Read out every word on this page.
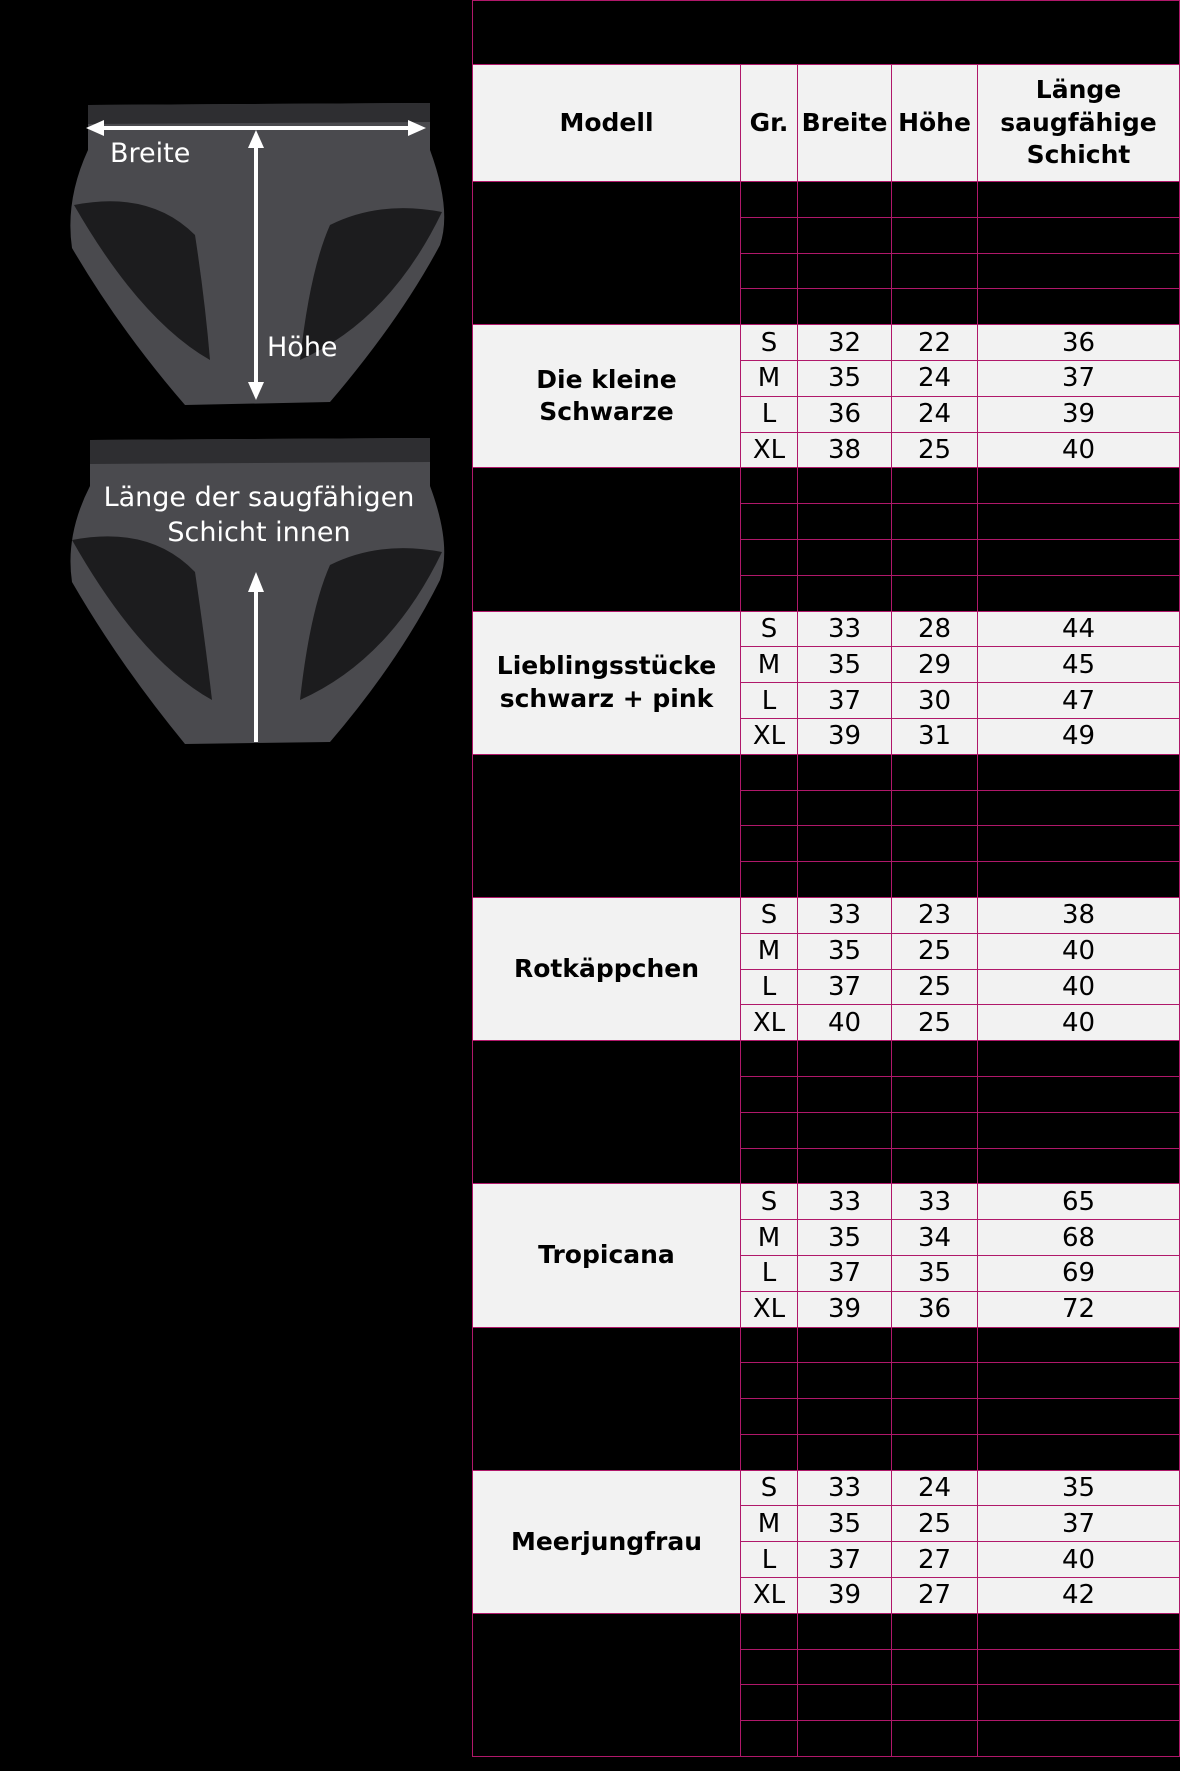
Breite
Höhe
Länge der saugfähigen
Schicht innen

Modell	Gr.	Breite	Höhe	Länge
saugfähige
Schicht

Die kleine
Schwarze	S	32	22	36
	M	35	24	37
	L	36	24	39
	XL	38	25	40

Lieblingsstücke
schwarz + pink	S	33	28	44
	M	35	29	45
	L	37	30	47
	XL	39	31	49

Rotkäppchen	S	33	23	38
	M	35	25	40
	L	37	25	40
	XL	40	25	40

Tropicana	S	33	33	65
	M	35	34	68
	L	37	35	69
	XL	39	36	72

Meerjungfrau	S	33	24	35
	M	35	25	37
	L	37	27	40
	XL	39	27	42
